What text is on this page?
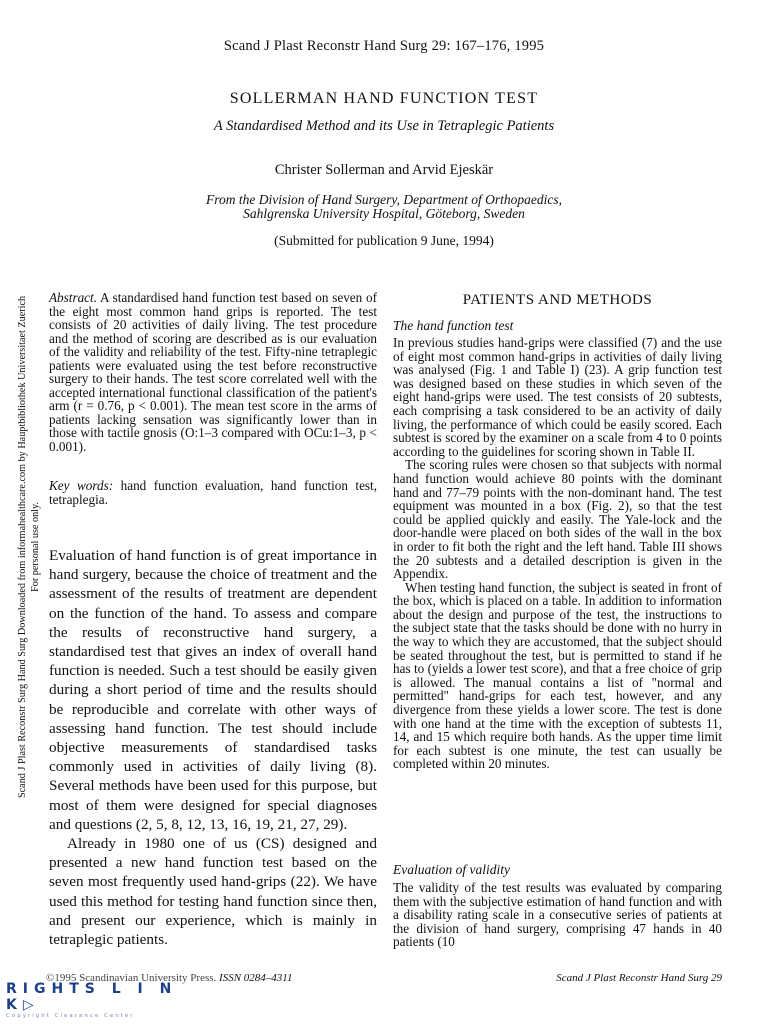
Scand J Plast Reconstr Hand Surg 29: 167–176, 1995
SOLLERMAN HAND FUNCTION TEST
A Standardised Method and its Use in Tetraplegic Patients
Christer Sollerman and Arvid Ejeskär
From the Division of Hand Surgery, Department of Orthopaedics,
Sahlgrenska University Hospital, Göteborg, Sweden
(Submitted for publication 9 June, 1994)
Scand J Plast Reconstr Surg Hand Surg Downloaded from informahealthcare.com by Hauptbibliothek Universitaet Zuerich For personal use only.
Abstract. A standardised hand function test based on seven of the eight most common hand grips is reported. The test consists of 20 activities of daily living. The test procedure and the method of scoring are described as is our evaluation of the validity and reliability of the test. Fifty-nine tetraplegic patients were evaluated using the test before reconstructive surgery to their hands. The test score correlated well with the accepted international functional classification of the patient's arm (r = 0.76, p < 0.001). The mean test score in the arms of patients lacking sensation was significantly lower than in those with tactile gnosis (O:1–3 compared with OCu:1–3, p < 0.001).
Key words: hand function evaluation, hand function test, tetraplegia.

Evaluation of hand function is of great importance in hand surgery, because the choice of treatment and the assessment of the results of treatment are dependent on the function of the hand. To assess and compare the results of reconstructive hand surgery, a standardised test that gives an index of overall hand function is needed. Such a test should be easily given during a short period of time and the results should be reproducible and correlate with other ways of assessing hand function. The test should include objective measurements of standardised tasks commonly used in activities of daily living (8). Several methods have been used for this purpose, but most of them were designed for special diagnoses and questions (2, 5, 8, 12, 13, 16, 19, 21, 27, 29).

Already in 1980 one of us (CS) designed and presented a new hand function test based on the seven most frequently used hand-grips (22). We have used this method for testing hand function since then, and present our experience, which is mainly in tetraplegic patients.

PATIENTS AND METHODS
The hand function test

In previous studies hand-grips were classified (7) and the use of eight most common hand-grips in activities of daily living was analysed (Fig. 1 and Table I) (23). A grip function test was designed based on these studies in which seven of the eight hand-grips were used. The test consists of 20 subtests, each comprising a task considered to be an activity of daily living, the performance of which could be easily scored. Each subtest is scored by the examiner on a scale from 4 to 0 points according to the guidelines for scoring shown in Table II.

The scoring rules were chosen so that subjects with normal hand function would achieve 80 points with the dominant hand and 77–79 points with the non-dominant hand. The test equipment was mounted in a box (Fig. 2), so that the test could be applied quickly and easily. The Yale-lock and the door-handle were placed on both sides of the wall in the box in order to fit both the right and the left hand. Table III shows the 20 subtests and a detailed description is given in the Appendix.

When testing hand function, the subject is seated in front of the box, which is placed on a table. In addition to information about the design and purpose of the test, the instructions to the subject state that the tasks should be done with no hurry in the way to which they are accustomed, that the subject should be seated throughout the test, but is permitted to stand if he has to (yields a lower test score), and that a free choice of grip is allowed. The manual contains a list of "normal and permitted" hand-grips for each test, however, and any divergence from these yields a lower score. The test is done with one hand at the time with the exception of subtests 11, 14, and 15 which require both hands. As the upper time limit for each subtest is one minute, the test can usually be completed within 20 minutes.

Evaluation of validity
The validity of the test results was evaluated by comparing them with the subjective estimation of hand function and with a disability rating scale in a consecutive series of patients at the division of hand surgery, comprising 47 hands in 40 patients (10
©1995 Scandinavian University Press. ISSN 0284–4311	Scand J Plast Reconstr Hand Surg 29
RIGHTS L I N K▷
Copyright Clearance Center
